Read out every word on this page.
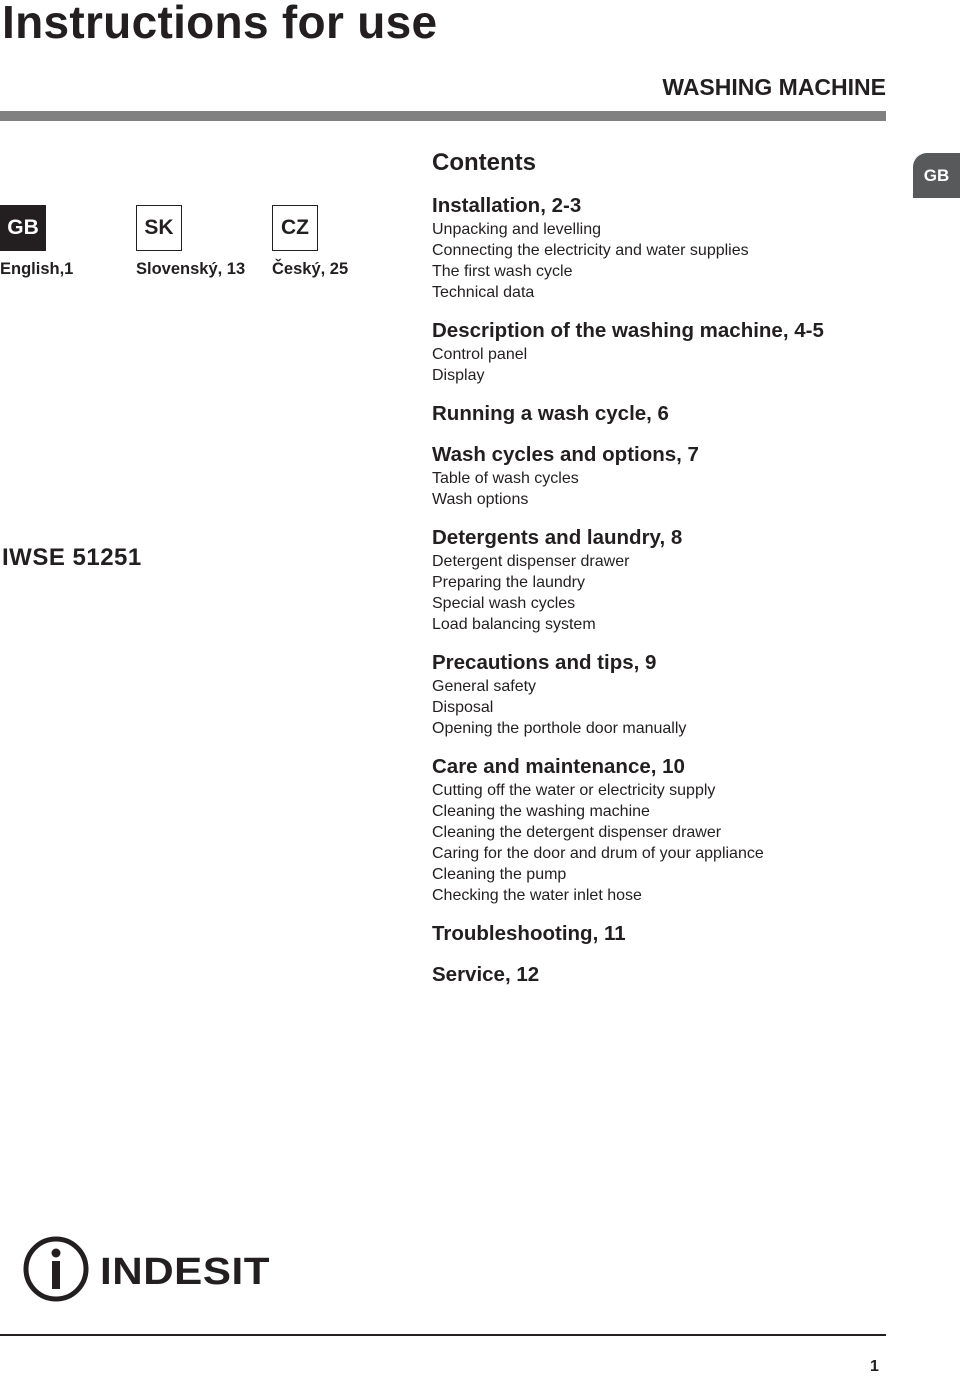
Instructions for use
WASHING MACHINE
GB
GB
English,1
SK
Slovenský, 13
CZ
Český, 25
IWSE 51251
Contents
Installation, 2-3
Unpacking and levelling
Connecting the electricity and water supplies
The first wash cycle
Technical data
Description of the washing machine, 4-5
Control panel
Display
Running a wash cycle, 6
Wash cycles and options, 7
Table of wash cycles
Wash options
Detergents and laundry, 8
Detergent dispenser drawer
Preparing the laundry
Special wash cycles
Load balancing system
Precautions and tips, 9
General safety
Disposal
Opening the porthole door manually
Care and maintenance, 10
Cutting off the water or electricity supply
Cleaning the washing machine
Cleaning the detergent dispenser drawer
Caring for the door and drum of your appliance
Cleaning the pump
Checking the water inlet hose
Troubleshooting, 11
Service, 12
INDESIT
1
